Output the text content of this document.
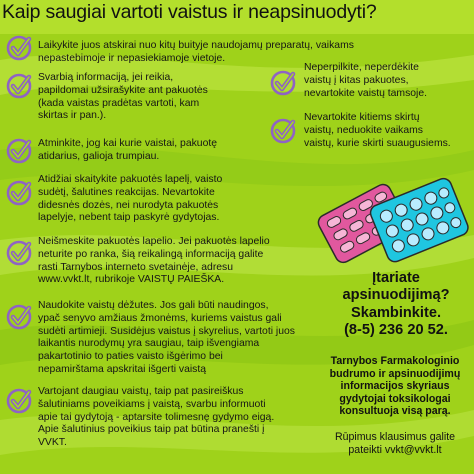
Kaip saugiai vartoti vaistus ir neapsinuodyti?

Laikykite juos atskirai nuo kitų buityje naudojamų preparatų, vaikams
nepastebimoje ir nepasiekiamoje vietoje.

Svarbią informaciją, jei reikia,
papildomai užsirašykite ant pakuotės
(kada vaistas pradėtas vartoti, kam
skirtas ir pan.).

Atminkite, jog kai kurie vaistai, pakuotę
atidarius, galioja trumpiau.

Atidžiai skaitykite pakuotės lapelį, vaisto
sudėtį, šalutines reakcijas. Nevartokite
didesnės dozės, nei nurodyta pakuotės
lapelyje, nebent taip paskyrė gydytojas.

Neišmeskite pakuotės lapelio. Jei pakuotės lapelio
neturite po ranka, šią reikalingą informaciją galite
rasti Tarnybos interneto svetainėje, adresu
www.vvkt.lt, rubrikoje VAISTŲ PAIEŠKA.

Naudokite vaistų dėžutes. Jos gali būti naudingos,
ypač senyvo amžiaus žmonėms, kuriems vaistus gali
sudėti artimieji. Susidėjus vaistus į skyrelius, vartoti juos
laikantis nurodymų yra saugiau, taip išvengiama
pakartotinio to paties vaisto išgėrimo bei
nepamirštama apskritai išgerti vaistą

Vartojant daugiau vaistų, taip pat pasireiškus
šalutiniams poveikiams į vaistą, svarbu informuoti
apie tai gydytoją - aptarsite tolimesnę gydymo eigą.
Apie šalutinius poveikius taip pat būtina pranešti į
VVKT.

Neperpilkite, neperdėkite
vaistų į kitas pakuotes,
nevartokite vaistų tamsoje.

Nevartokite kitiems skirtų
vaistų, neduokite vaikams
vaistų, kurie skirti suaugusiems.

Įtariate
apsinuodijimą?
Skambinkite.
(8-5) 236 20 52.

Tarnybos Farmakologinio
budrumo ir apsinuodijimų
informacijos skyriaus
gydytojai toksikologai
konsultuoja visą parą.

Rūpimus klausimus galite
pateikti vvkt@vvkt.lt
